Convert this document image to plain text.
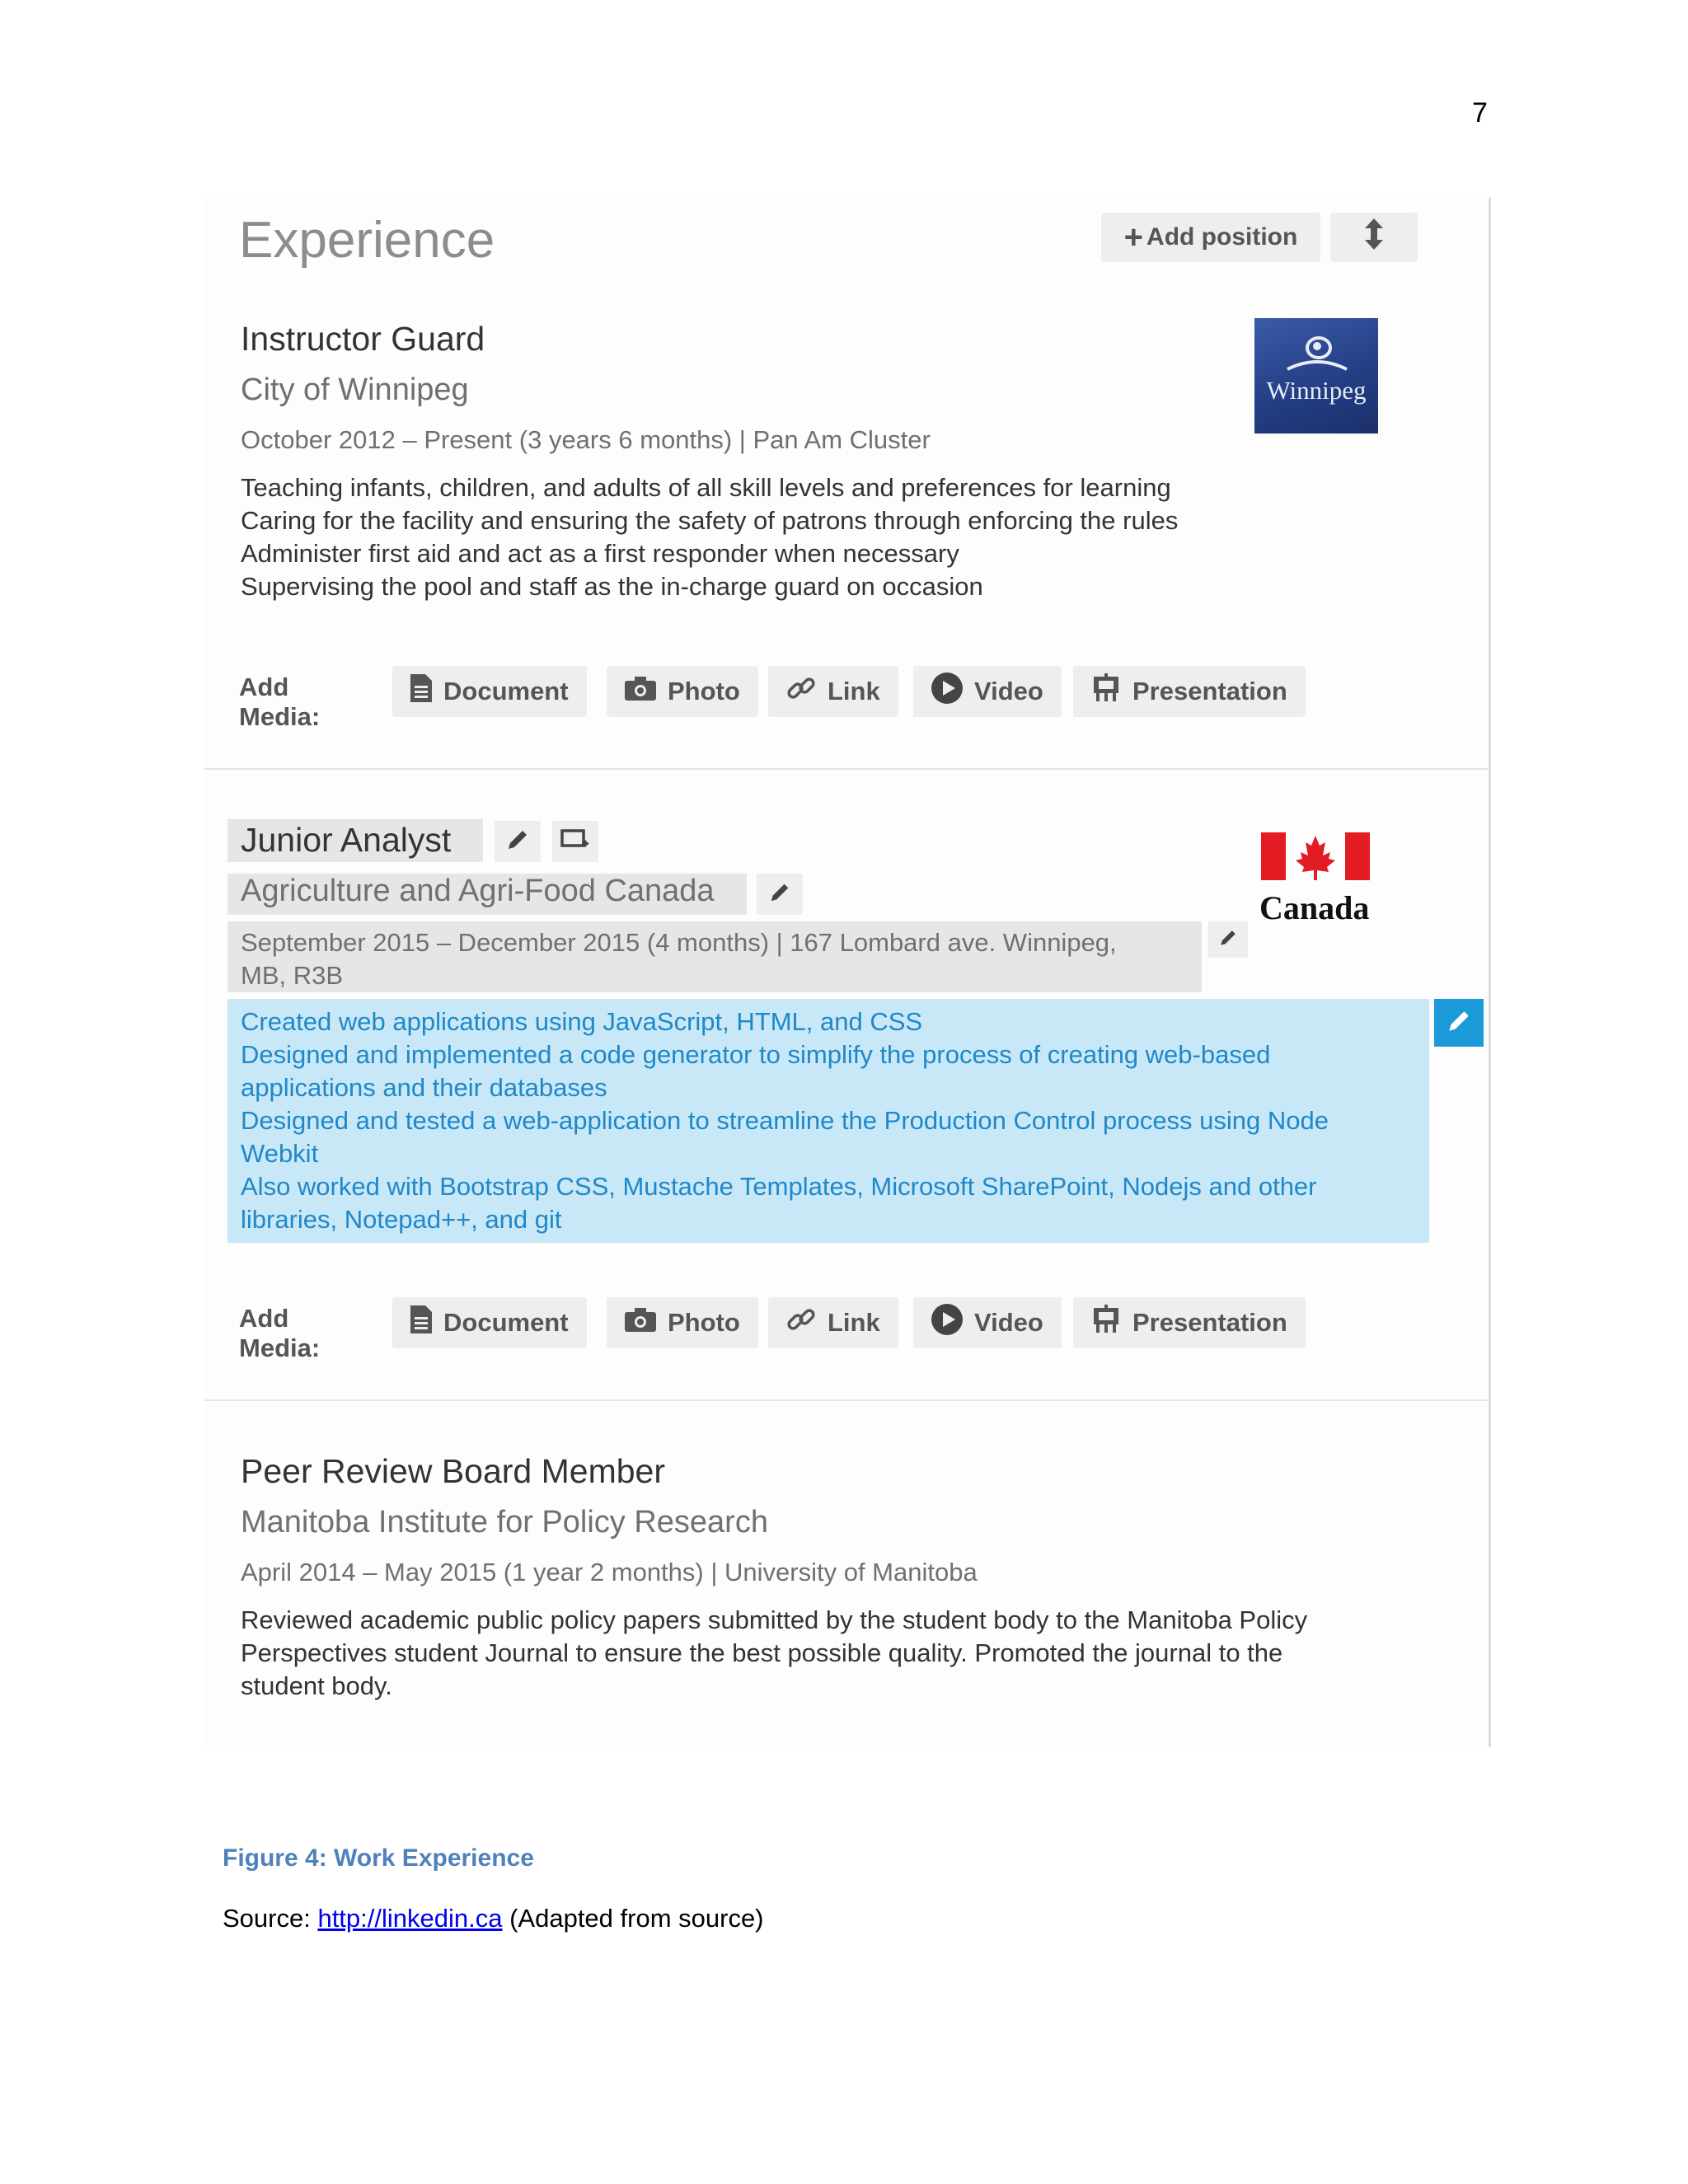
7
Experience	+ Add position
Instructor Guard
City of Winnipeg
October 2012 – Present (3 years 6 months) | Pan Am Cluster
Teaching infants, children, and adults of all skill levels and preferences for learning
Caring for the facility and ensuring the safety of patrons through enforcing the rules
Administer first aid and act as a first responder when necessary
Supervising the pool and staff as the in-charge guard on occasion
Winnipeg
Add Media:
Document	Photo	Link	Video	Presentation
Junior Analyst
Agriculture and Agri-Food Canada
September 2015 – December 2015 (4 months) | 167 Lombard ave. Winnipeg,
MB, R3B
Canada
Created web applications using JavaScript, HTML, and CSS
Designed and implemented a code generator to simplify the process of creating web-based
applications and their databases
Designed and tested a web-application to streamline the Production Control process using Node
Webkit
Also worked with Bootstrap CSS, Mustache Templates, Microsoft SharePoint, Nodejs and other
libraries, Notepad++, and git
Add Media:
Document	Photo	Link	Video	Presentation
Peer Review Board Member
Manitoba Institute for Policy Research
April 2014 – May 2015 (1 year 2 months) | University of Manitoba
Reviewed academic public policy papers submitted by the student body to the Manitoba Policy
Perspectives student Journal to ensure the best possible quality. Promoted the journal to the
student body.
Figure 4: Work Experience
Source: http://linkedin.ca (Adapted from source)
